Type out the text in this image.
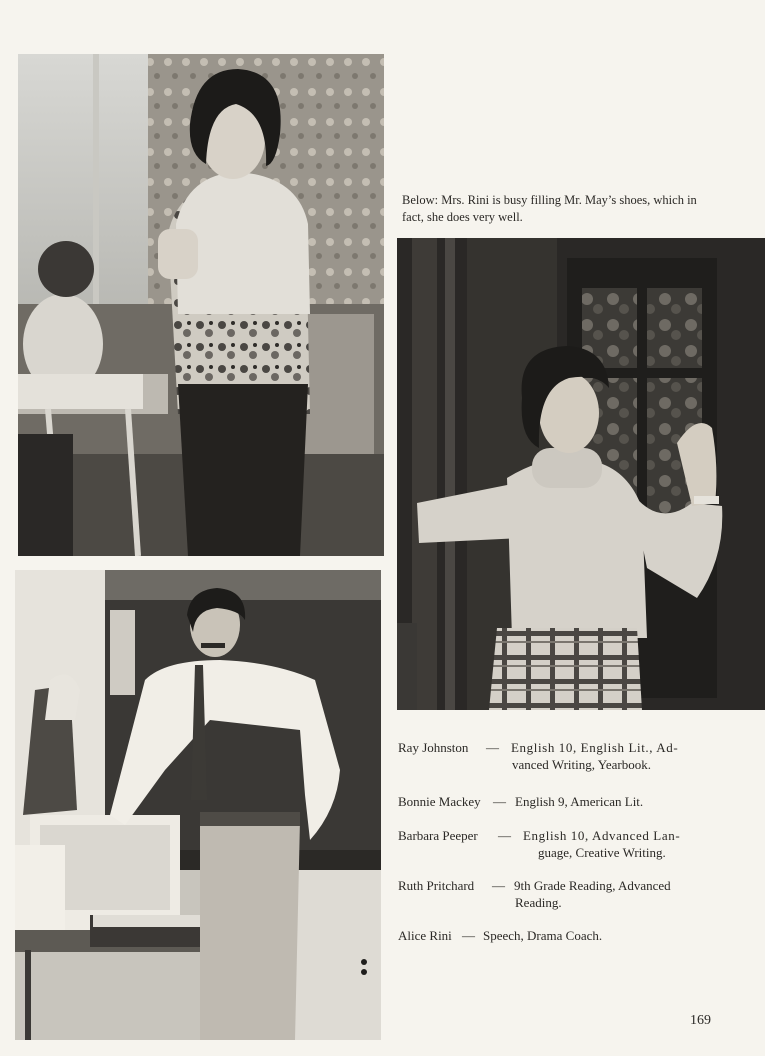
Below: Mrs. Rini is busy filling Mr. May’s shoes, which in
fact, she does very well.
Ray Johnston — English 10, English Lit., Ad-
vanced Writing, Yearbook.
Bonnie Mackey — English 9, American Lit.
Barbara Peeper — English 10, Advanced Lan-
guage, Creative Writing.
Ruth Pritchard — 9th Grade Reading, Advanced
Reading.
Alice Rini — Speech, Drama Coach.
169
